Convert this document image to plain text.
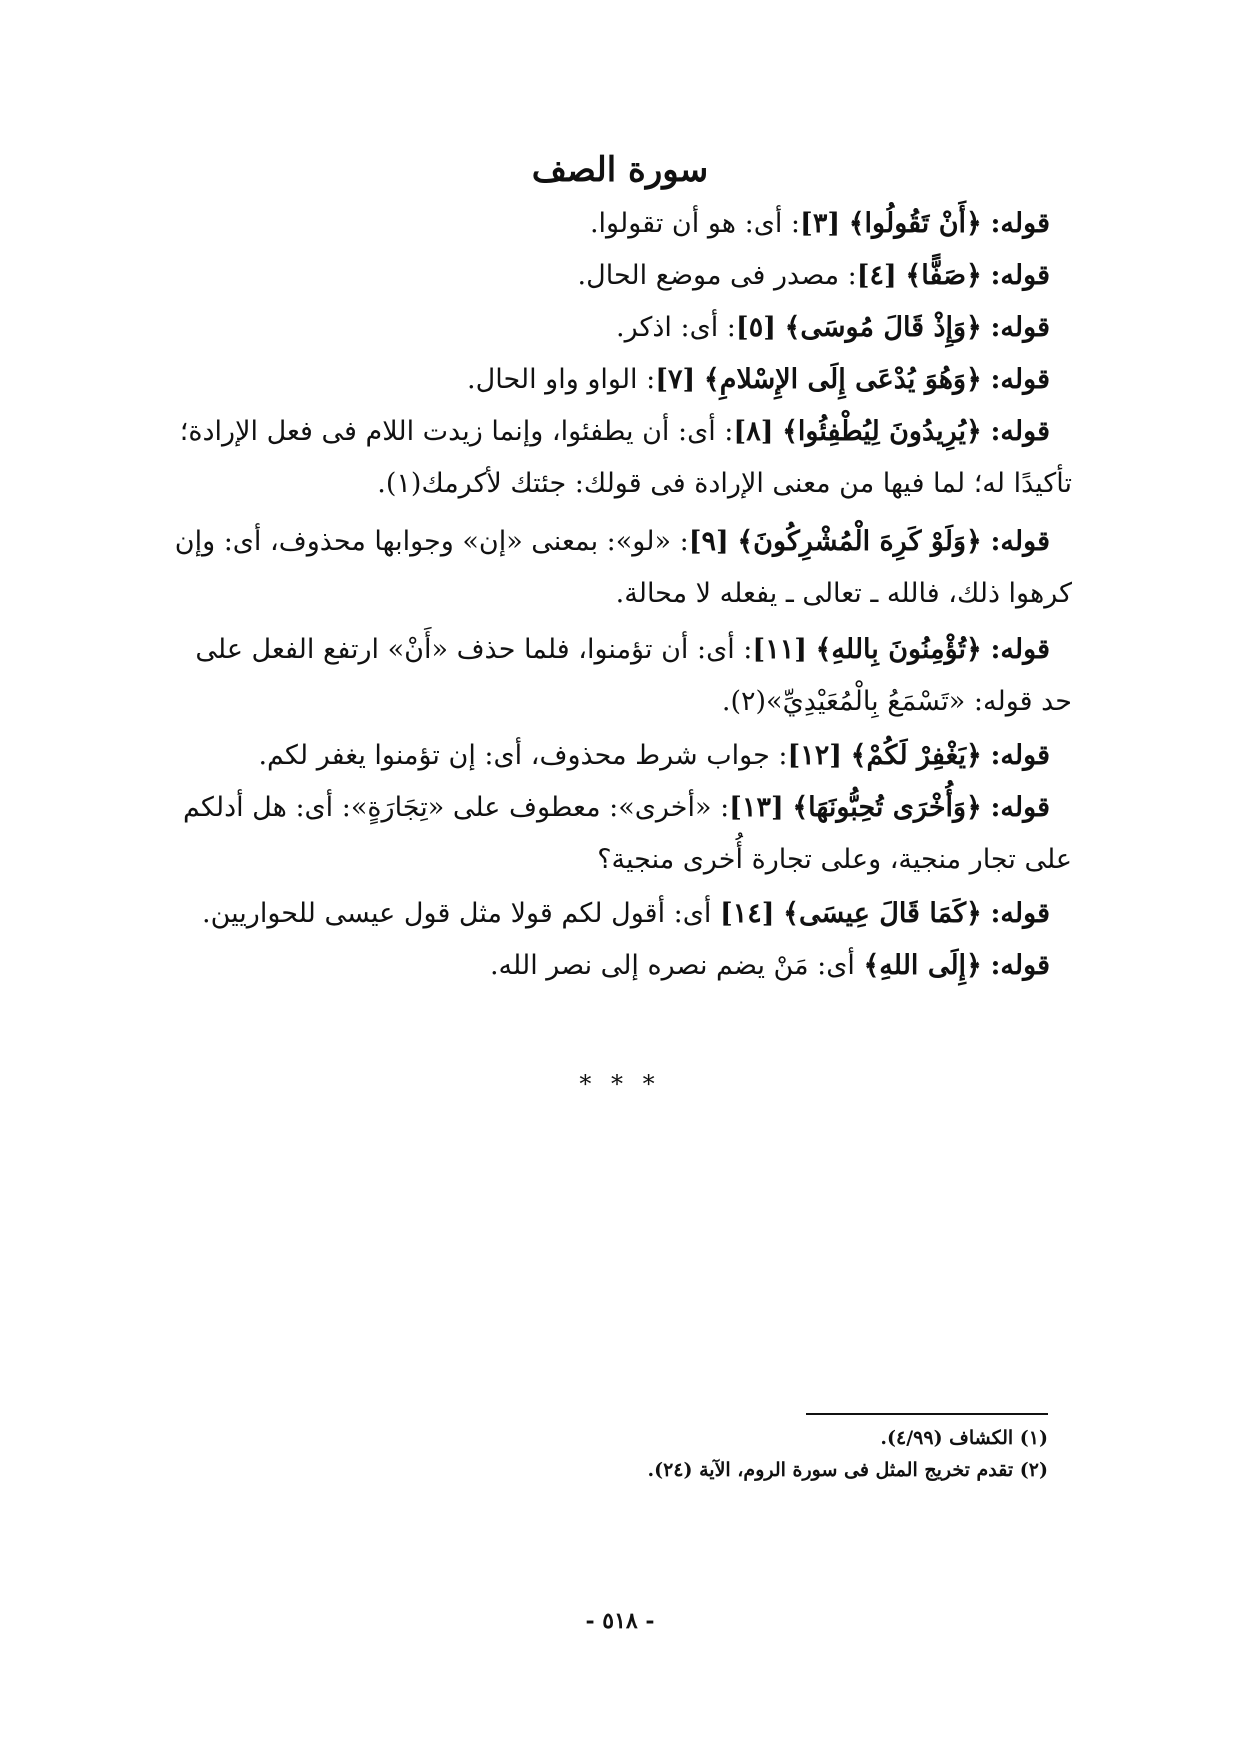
سورة الصف
قوله: ﴿أَنْ تَقُولُوا﴾ [٣]: أى: هو أن تقولوا.
قوله: ﴿صَفًّا﴾ [٤]: مصدر فى موضع الحال.
قوله: ﴿وَإِذْ قَالَ مُوسَى﴾ [٥]: أى: اذكر.
قوله: ﴿وَهُوَ يُدْعَى إِلَى الإِسْلامِ﴾ [٧]: الواو واو الحال.
قوله: ﴿يُرِيدُونَ لِيُطْفِئُوا﴾ [٨]: أى: أن يطفئوا، وإنما زيدت اللام فى فعل الإرادة؛
تأكيدًا له؛ لما فيها من معنى الإرادة فى قولك: جئتك لأكرمك(١).
قوله: ﴿وَلَوْ كَرِهَ الْمُشْرِكُونَ﴾ [٩]: «لو»: بمعنى «إن» وجوابها محذوف، أى: وإن
كرهوا ذلك، فالله ـ تعالى ـ يفعله لا محالة.
قوله: ﴿تُؤْمِنُونَ بِاللهِ﴾ [١١]: أى: أن تؤمنوا، فلما حذف «أَنْ» ارتفع الفعل على
حد قوله: «تَسْمَعُ بِالْمُعَيْدِيِّ»(٢).
قوله: ﴿يَغْفِرْ لَكُمْ﴾ [١٢]: جواب شرط محذوف، أى: إن تؤمنوا يغفر لكم.
قوله: ﴿وَأُخْرَى تُحِبُّونَهَا﴾ [١٣]: «أخرى»: معطوف على «تِجَارَةٍ»: أى: هل أدلكم
على تجار منجية، وعلى تجارة أُخرى منجية؟
قوله: ﴿كَمَا قَالَ عِيسَى﴾ [١٤] أى: أقول لكم قولا مثل قول عيسى للحواريين.
قوله: ﴿إِلَى اللهِ﴾ أى: مَنْ يضم نصره إلى نصر الله.
* * *
(١) الكشاف (٤/٩٩).
(٢) تقدم تخريج المثل فى سورة الروم، الآية (٢٤).
- ٥١٨ -
